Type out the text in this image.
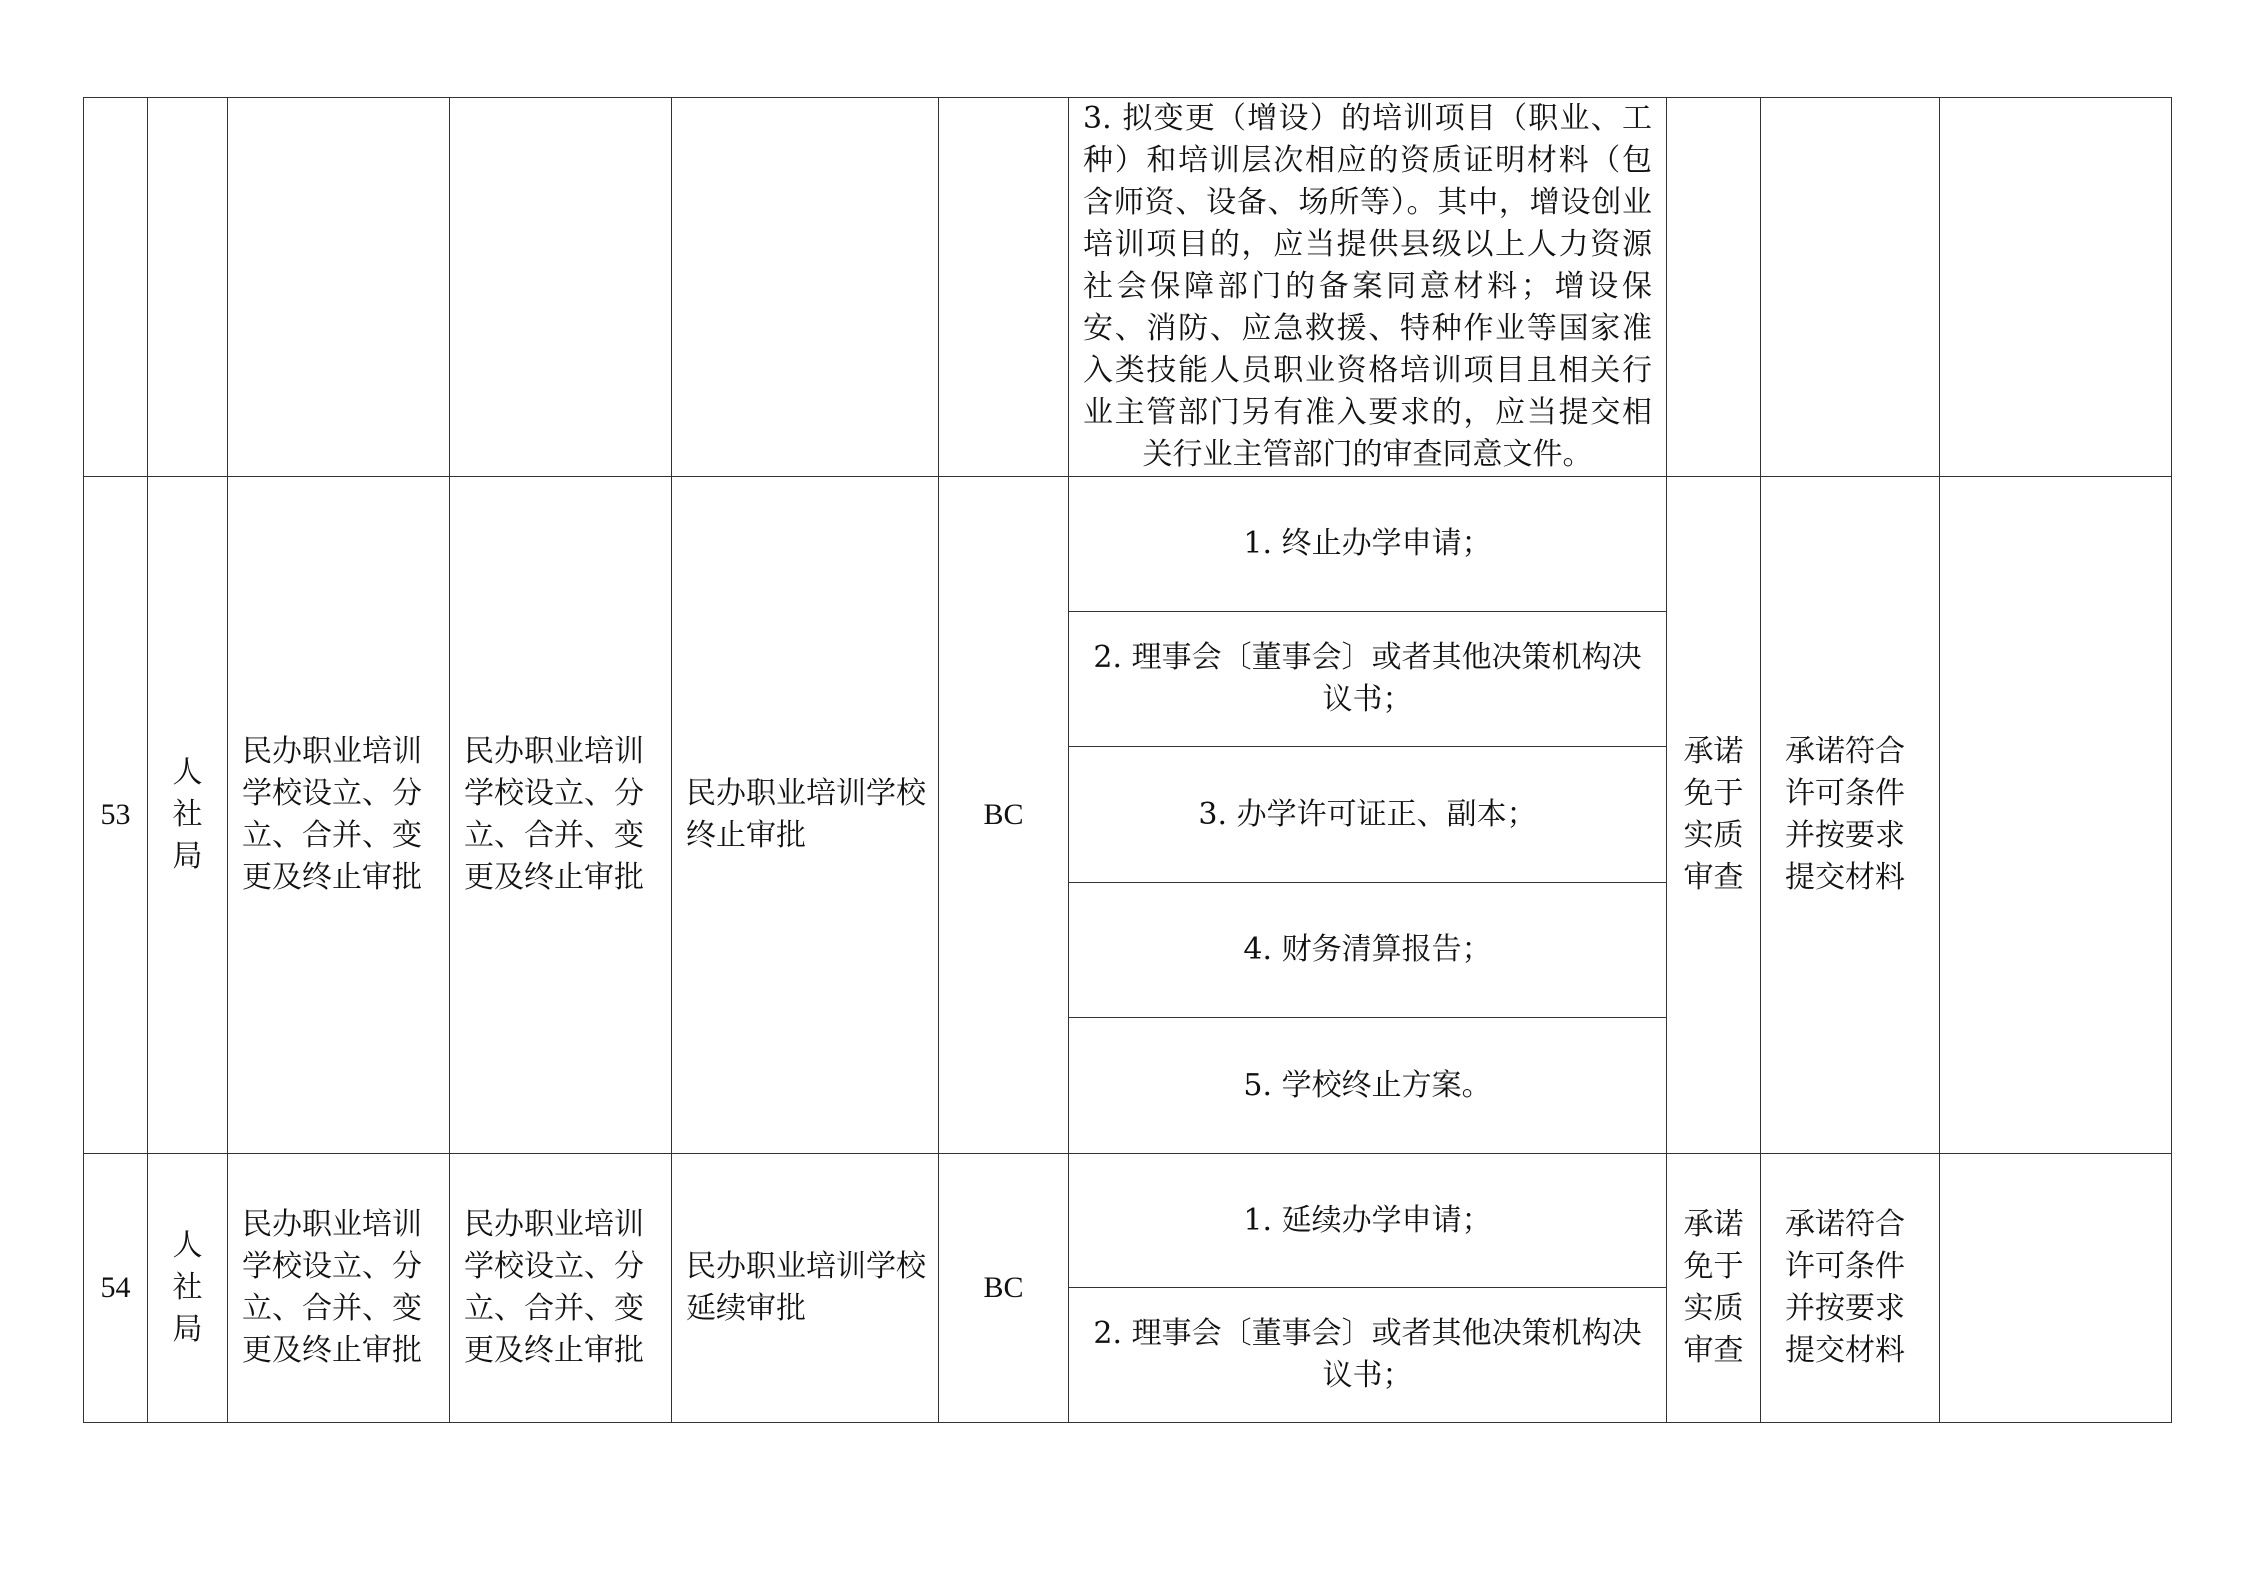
						3. 拟变更（增设）的培训项目（职业、工种）和培训层次相应的资质证明材料（包含师资、设备、场所等）。其中，增设创业培训项目的，应当提供县级以上人力资源社会保障部门的备案同意材料；增设保安、消防、应急救援、特种作业等国家准入类技能人员职业资格培训项目且相关行业主管部门另有准入要求的，应当提交相关行业主管部门的审查同意文件。			
53	人社局	民办职业培训学校设立、分立、合并、变更及终止审批	民办职业培训学校设立、分立、合并、变更及终止审批	民办职业培训学校终止审批	BC	1. 终止办学申请；
2. 理事会〔董事会〕或者其他决策机构决议书；
3. 办学许可证正、副本；
4. 财务清算报告；
5. 学校终止方案。	承诺免于实质审查	承诺符合许可条件并按要求提交材料	
54	人社局	民办职业培训学校设立、分立、合并、变更及终止审批	民办职业培训学校设立、分立、合并、变更及终止审批	民办职业培训学校延续审批	BC	1. 延续办学申请；
2. 理事会〔董事会〕或者其他决策机构决议书；	承诺免于实质审查	承诺符合许可条件并按要求提交材料	
